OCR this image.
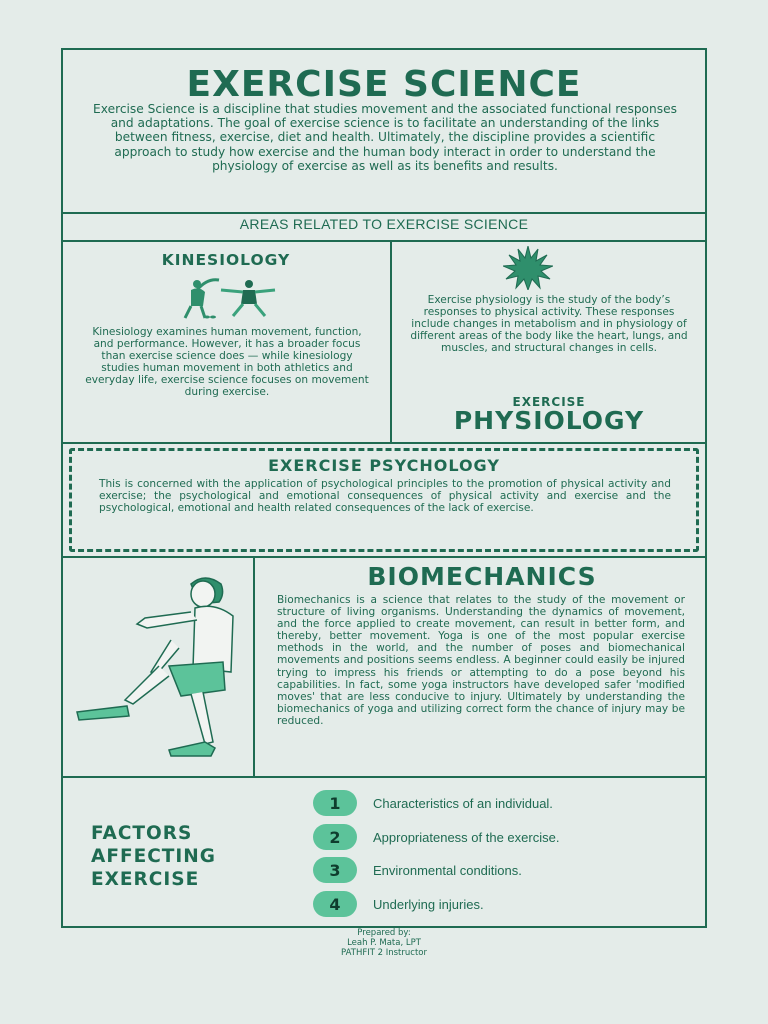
EXERCISE SCIENCE
Exercise Science is a discipline that studies movement and the associated functional responses and adaptations. The goal of exercise science is to facilitate an understanding of the links between fitness, exercise, diet and health. Ultimately, the discipline provides a scientific approach to study how exercise and the human body interact in order to understand the physiology of exercise as well as its benefits and results.
AREAS RELATED TO EXERCISE SCIENCE
KINESIOLOGY
Kinesiology examines human movement, function, and performance. However, it has a broader focus than exercise science does — while kinesiology studies human movement in both athletics and everyday life, exercise science focuses on movement during exercise.
Exercise physiology is the study of the body’s responses to physical activity. These responses include changes in metabolism and in physiology of different areas of the body like the heart, lungs, and muscles, and structural changes in cells.
EXERCISE
PHYSIOLOGY
EXERCISE PSYCHOLOGY
This is concerned with the application of psychological principles to the promotion of physical activity and exercise; the psychological and emotional consequences of physical activity and exercise and the psychological, emotional and health related consequences of the lack of exercise.
BIOMECHANICS
Biomechanics is a science that relates to the study of the movement or structure of living organisms. Understanding the dynamics of movement, and the force applied to create movement, can result in better form, and thereby, better movement. Yoga is one of the most popular exercise methods in the world, and the number of poses and biomechanical movements and positions seems endless. A beginner could easily be injured trying to impress his friends or attempting to do a pose beyond his capabilities. In fact, some yoga instructors have developed safer 'modified moves' that are less conducive to injury. Ultimately by understanding the biomechanics of yoga and utilizing correct form the chance of injury may be reduced.
FACTORS AFFECTING EXERCISE
1	Characteristics of an individual.
2	Appropriateness of the exercise.
3	Environmental conditions.
4	Underlying injuries.
Prepared by:
Leah P. Mata, LPT
PATHFIT 2 Instructor
